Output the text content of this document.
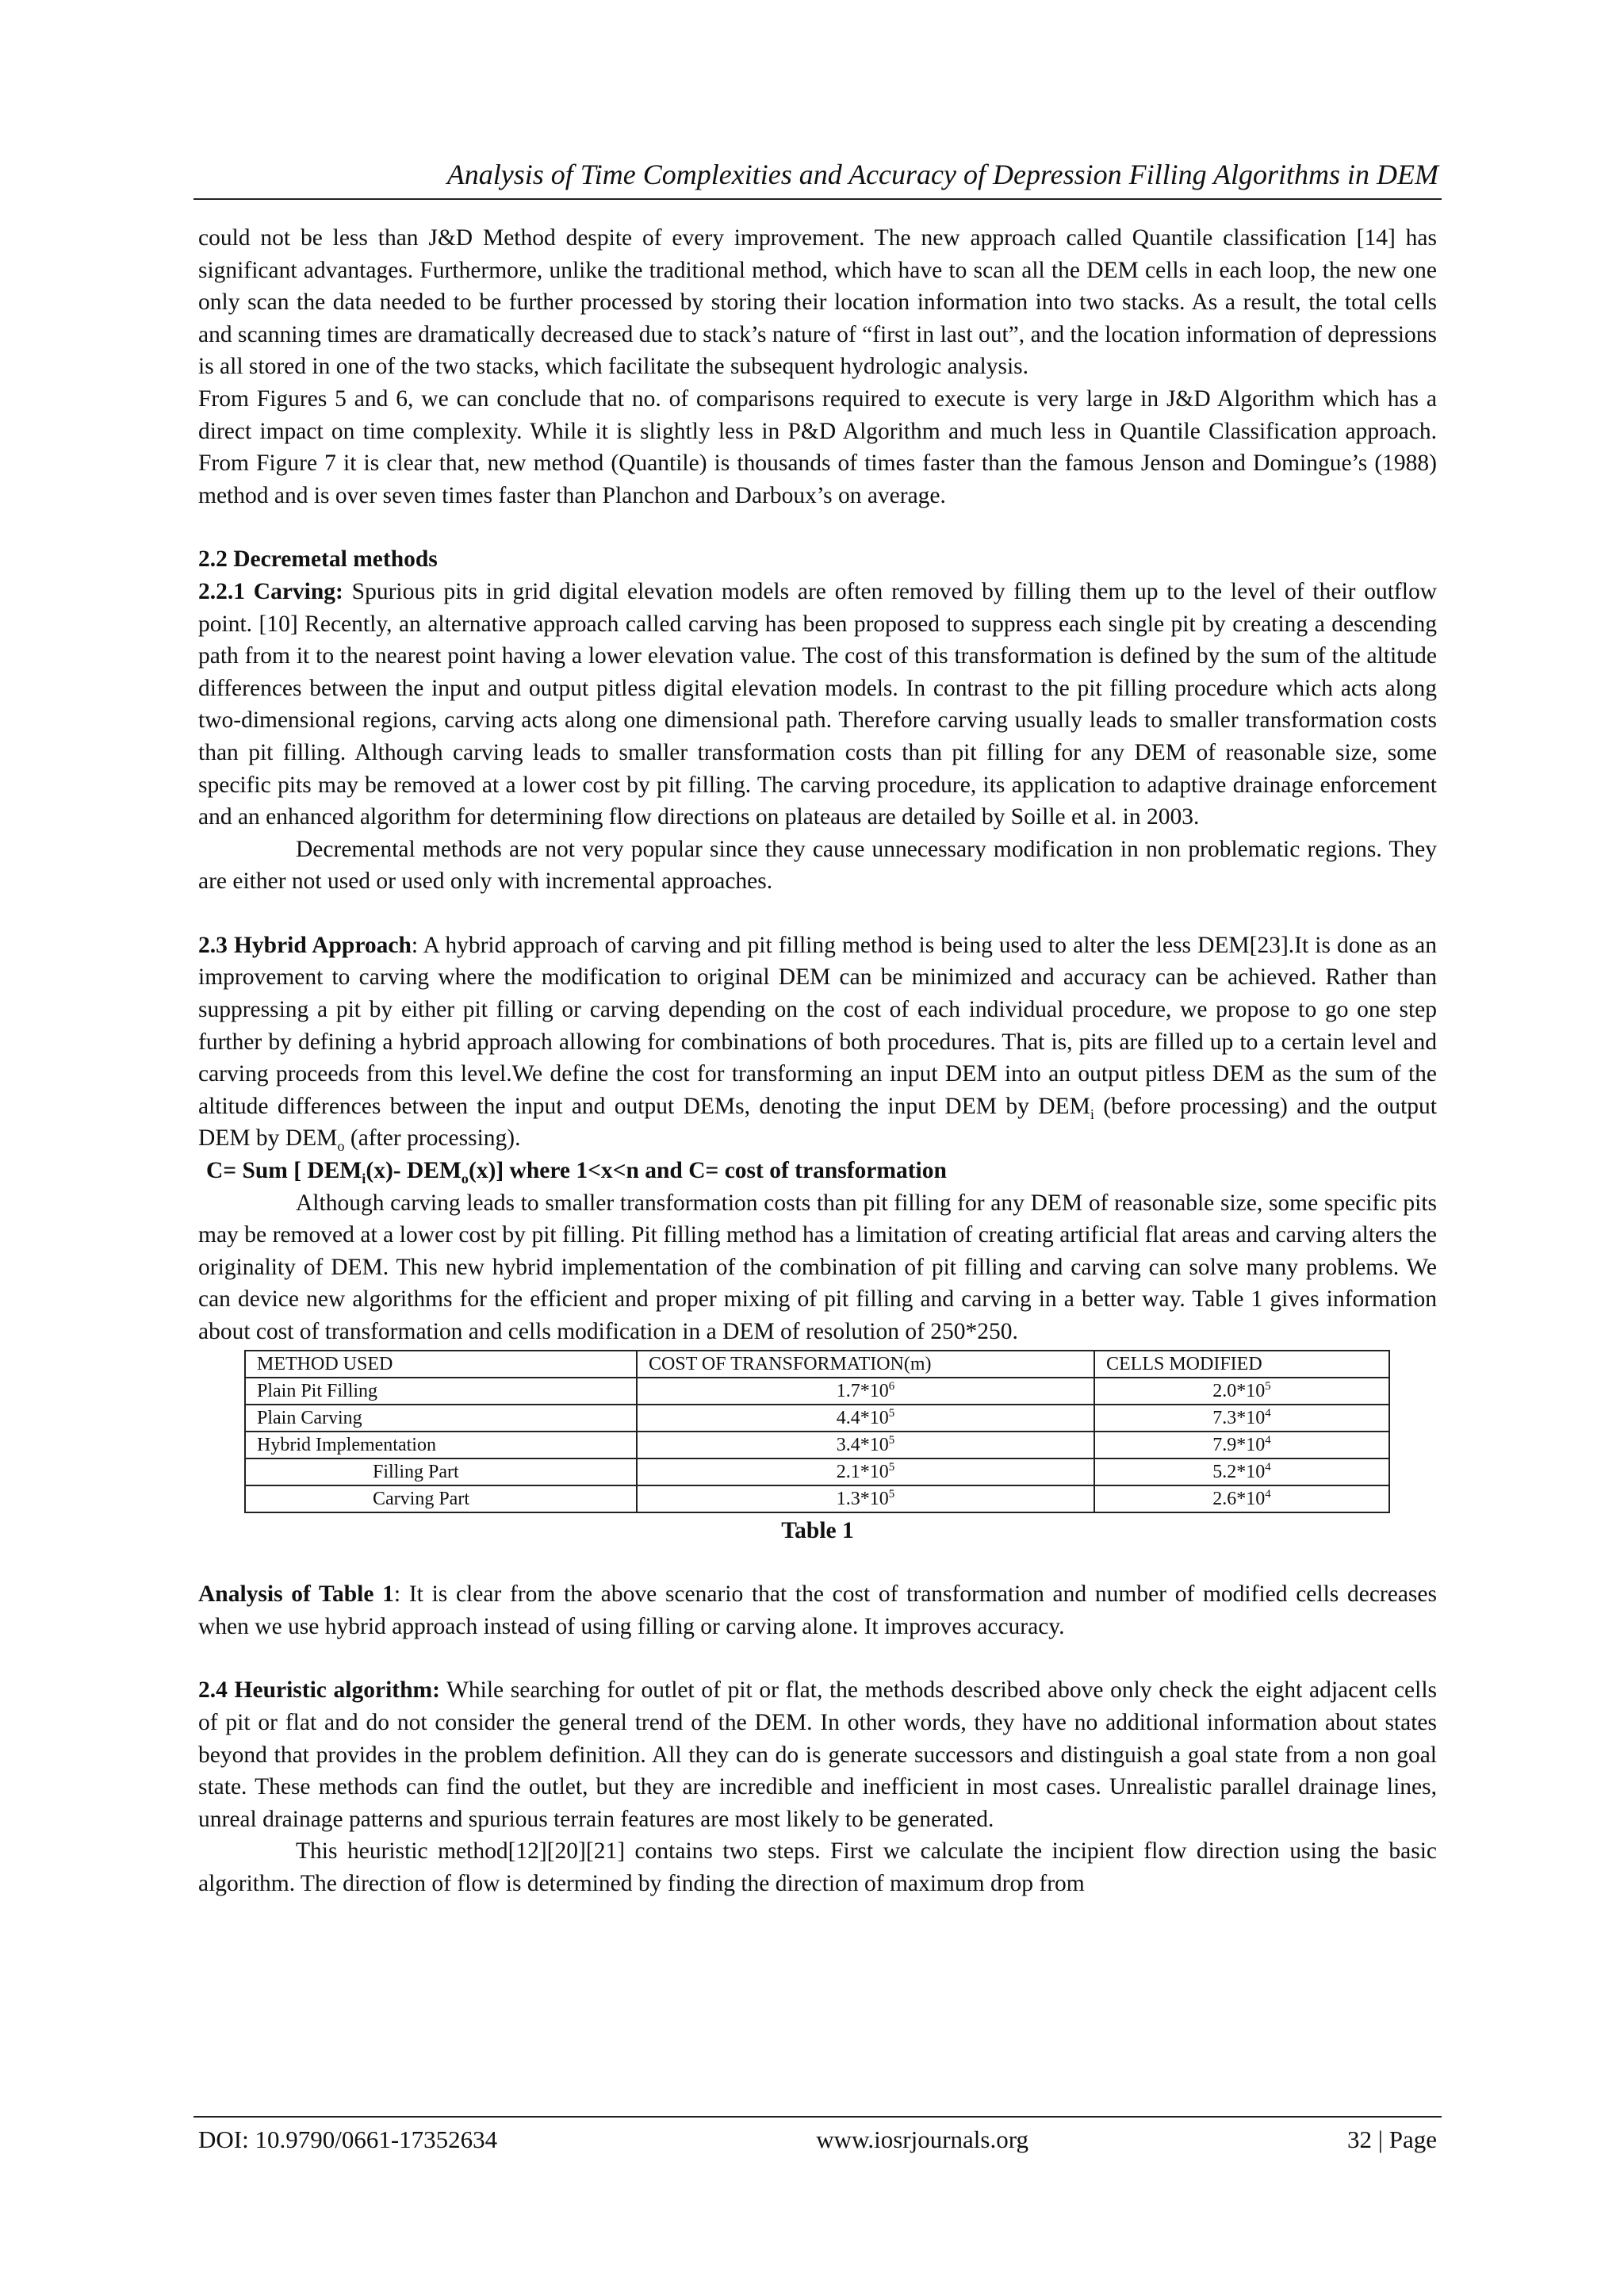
Analysis of Time Complexities and Accuracy of Depression Filling Algorithms in DEM

could not be less than J&D Method despite of every improvement. The new approach called Quantile classification [14] has significant advantages. Furthermore, unlike the traditional method, which have to scan all the DEM cells in each loop, the new one only scan the data needed to be further processed by storing their location information into two stacks. As a result, the total cells and scanning times are dramatically decreased due to stack’s nature of “first in last out”, and the location information of depressions is all stored in one of the two stacks, which facilitate the subsequent hydrologic analysis.

From Figures 5 and 6, we can conclude that no. of comparisons required to execute is very large in J&D Algorithm which has a direct impact on time complexity. While it is slightly less in P&D Algorithm and much less in Quantile Classification approach. From Figure 7 it is clear that, new method (Quantile) is thousands of times faster than the famous Jenson and Domingue’s (1988) method and is over seven times faster than Planchon and Darboux’s on average.

2.2 Decremetal methods

2.2.1 Carving: Spurious pits in grid digital elevation models are often removed by filling them up to the level of their outflow point. [10] Recently, an alternative approach called carving has been proposed to suppress each single pit by creating a descending path from it to the nearest point having a lower elevation value. The cost of this transformation is defined by the sum of the altitude differences between the input and output pitless digital elevation models. In contrast to the pit filling procedure which acts along two-dimensional regions, carving acts along one dimensional path. Therefore carving usually leads to smaller transformation costs than pit filling. Although carving leads to smaller transformation costs than pit filling for any DEM of reasonable size, some specific pits may be removed at a lower cost by pit filling. The carving procedure, its application to adaptive drainage enforcement and an enhanced algorithm for determining flow directions on plateaus are detailed by Soille et al. in 2003.

Decremental methods are not very popular since they cause unnecessary modification in non problematic regions. They are either not used or used only with incremental approaches.

2.3 Hybrid Approach: A hybrid approach of carving and pit filling method is being used to alter the less DEM[23].It is done as an improvement to carving where the modification to original DEM can be minimized and accuracy can be achieved. Rather than suppressing a pit by either pit filling or carving depending on the cost of each individual procedure, we propose to go one step further by defining a hybrid approach allowing for combinations of both procedures. That is, pits are filled up to a certain level and carving proceeds from this level.We define the cost for transforming an input DEM into an output pitless DEM as the sum of the altitude differences between the input and output DEMs, denoting the input DEM by $DEM_i$ (before processing) and the output DEM by $DEM_o$ (after processing).

C= Sum [ $DEM_i(x)-$ $DEM_o(x)$] where 1<x<n and C= cost of transformation

Although carving leads to smaller transformation costs than pit filling for any DEM of reasonable size, some specific pits may be removed at a lower cost by pit filling. Pit filling method has a limitation of creating artificial flat areas and carving alters the originality of DEM. This new hybrid implementation of the combination of pit filling and carving can solve many problems. We can device new algorithms for the efficient and proper mixing of pit filling and carving in a better way. Table 1 gives information about cost of transformation and cells modification in a DEM of resolution of 250*250.

METHOD USED	COST OF TRANSFORMATION(m)	CELLS MODIFIED
Plain Pit Filling	$1.7*10^6$	$2.0*10^5$
Plain Carving	$4.4*10^5$	$7.3*10^4$
Hybrid Implementation	$3.4*10^5$	$7.9*10^4$
Filling Part	$2.1*10^5$	$5.2*10^4$
Carving Part	$1.3*10^5$	$2.6*10^4$

Table 1

Analysis of Table 1: It is clear from the above scenario that the cost of transformation and number of modified cells decreases when we use hybrid approach instead of using filling or carving alone. It improves accuracy.

2.4 Heuristic algorithm: While searching for outlet of pit or flat, the methods described above only check the eight adjacent cells of pit or flat and do not consider the general trend of the DEM. In other words, they have no additional information about states beyond that provides in the problem definition. All they can do is generate successors and distinguish a goal state from a non goal state. These methods can find the outlet, but they are incredible and inefficient in most cases. Unrealistic parallel drainage lines, unreal drainage patterns and spurious terrain features are most likely to be generated.

This heuristic method[12][20][21] contains two steps. First we calculate the incipient flow direction using the basic algorithm. The direction of flow is determined by finding the direction of maximum drop from

DOI: 10.9790/0661-17352634	www.iosrjournals.org	32 | Page
